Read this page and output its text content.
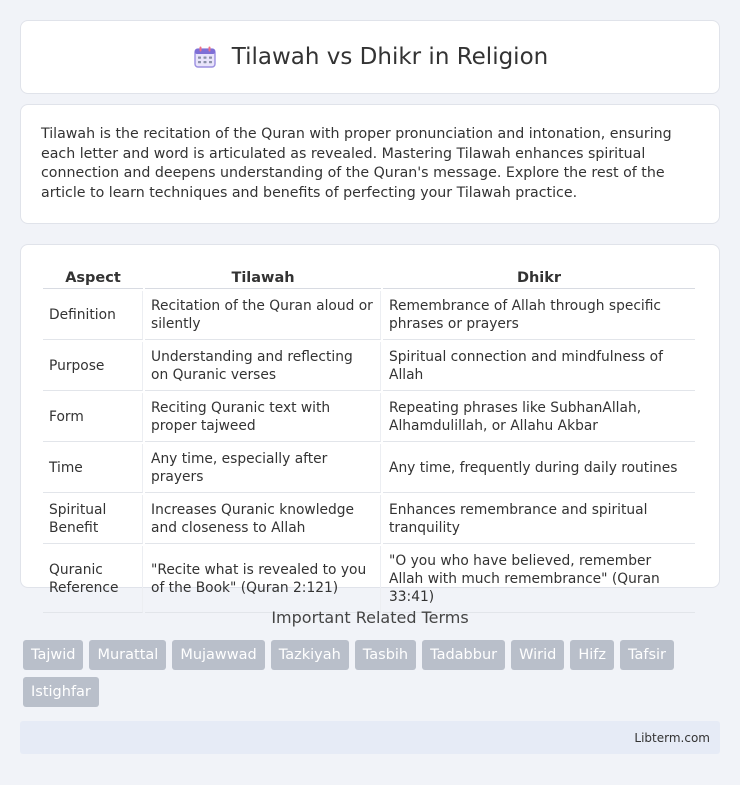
Tilawah vs Dhikr in Religion

Tilawah is the recitation of the Quran with proper pronunciation and intonation, ensuring each letter and word is articulated as revealed. Mastering Tilawah enhances spiritual connection and deepens understanding of the Quran's message. Explore the rest of the article to learn techniques and benefits of perfecting your Tilawah practice.

Aspect	Tilawah	Dhikr
Definition	Recitation of the Quran aloud or silently	Remembrance of Allah through specific phrases or prayers
Purpose	Understanding and reflecting on Quranic verses	Spiritual connection and mindfulness of Allah
Form	Reciting Quranic text with proper tajweed	Repeating phrases like SubhanAllah, Alhamdulillah, or Allahu Akbar
Time	Any time, especially after prayers	Any time, frequently during daily routines
Spiritual Benefit	Increases Quranic knowledge and closeness to Allah	Enhances remembrance and spiritual tranquility
Quranic Reference	"Recite what is revealed to you of the Book" (Quran 2:121)	"O you who have believed, remember Allah with much remembrance" (Quran 33:41)
Important Related Terms
Tajwid	Murattal	Mujawwad	Tazkiyah	Tasbih	Tadabbur	Wirid	Hifz	Tafsir
Istighfar
Libterm.com
